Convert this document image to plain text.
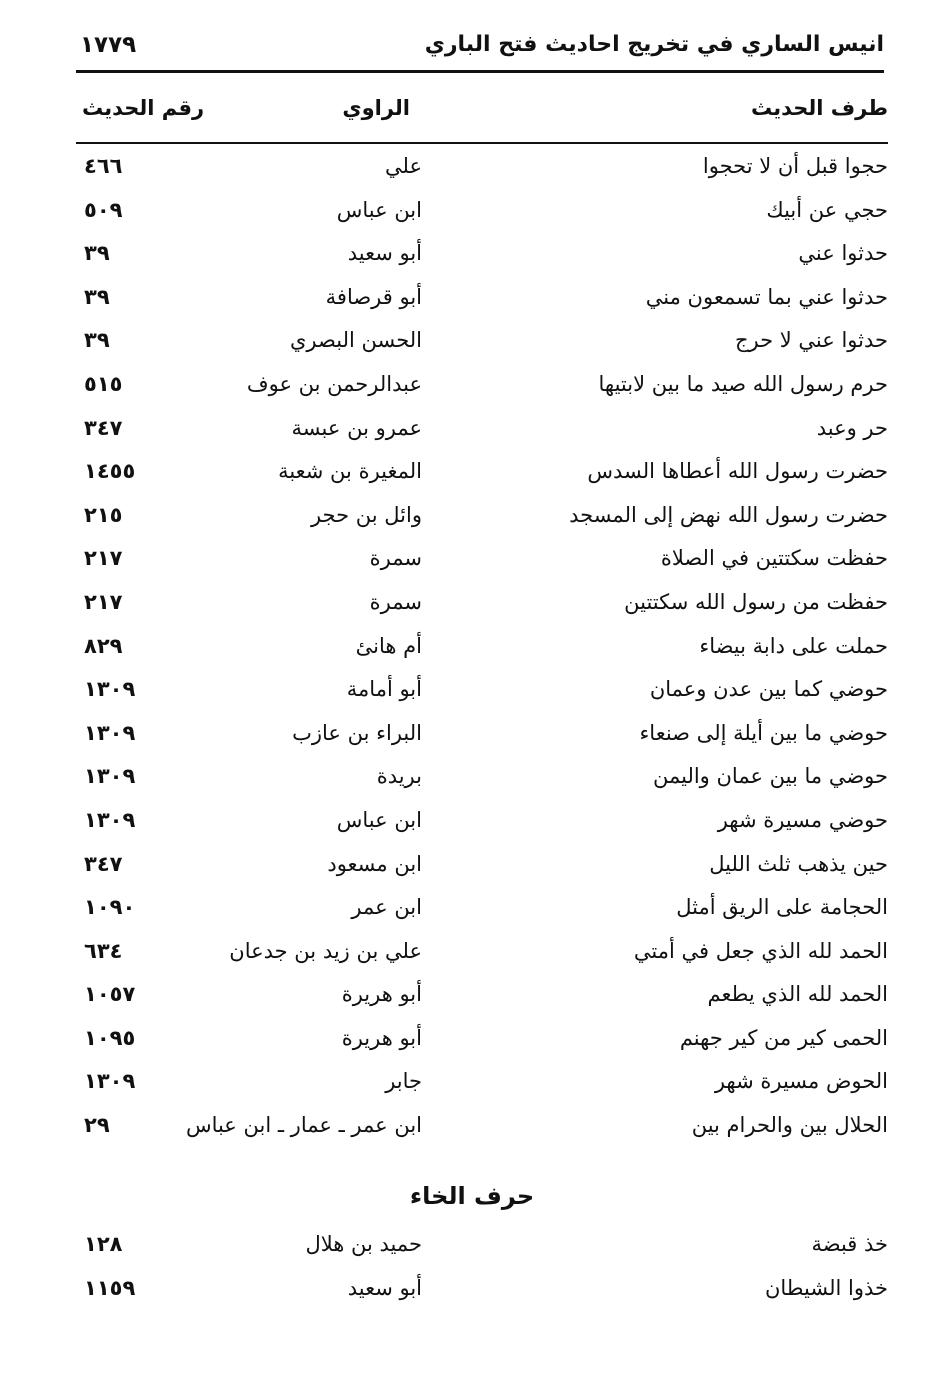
انيس الساري في تخريج احاديث فتح الباري
١٧٧٩
طرف الحديث
الراوي
رقم الحديث
حجوا قبل أن لا تحجوا
علي
٤٦٦
حجي عن أبيك
ابن عباس
٥٠٩
حدثوا عني
أبو سعيد
٣٩
حدثوا عني بما تسمعون مني
أبو قرصافة
٣٩
حدثوا عني لا حرج
الحسن البصري
٣٩
حرم رسول الله صيد ما بين لابتيها
عبدالرحمن بن عوف
٥١٥
حر وعبد
عمرو بن عبسة
٣٤٧
حضرت رسول الله أعطاها السدس
المغيرة بن شعبة
١٤٥٥
حضرت رسول الله نهض إلى المسجد
وائل بن حجر
٢١٥
حفظت سكتتين في الصلاة
سمرة
٢١٧
حفظت من رسول الله سكتتين
سمرة
٢١٧
حملت على دابة بيضاء
أم هانئ
٨٢٩
حوضي كما بين عدن وعمان
أبو أمامة
١٣٠٩
حوضي ما بين أيلة إلى صنعاء
البراء بن عازب
١٣٠٩
حوضي ما بين عمان واليمن
بريدة
١٣٠٩
حوضي مسيرة شهر
ابن عباس
١٣٠٩
حين يذهب ثلث الليل
ابن مسعود
٣٤٧
الحجامة على الريق أمثل
ابن عمر
١٠٩٠
الحمد لله الذي جعل في أمتي
علي بن زيد بن جدعان
٦٣٤
الحمد لله الذي يطعم
أبو هريرة
١٠٥٧
الحمى كير من كير جهنم
أبو هريرة
١٠٩٥
الحوض مسيرة شهر
جابر
١٣٠٩
الحلال بين والحرام بين
ابن عمر ـ عمار ـ ابن عباس
٢٩
حرف الخاء
خذ قبضة
حميد بن هلال
١٢٨
خذوا الشيطان
أبو سعيد
١١٥٩
